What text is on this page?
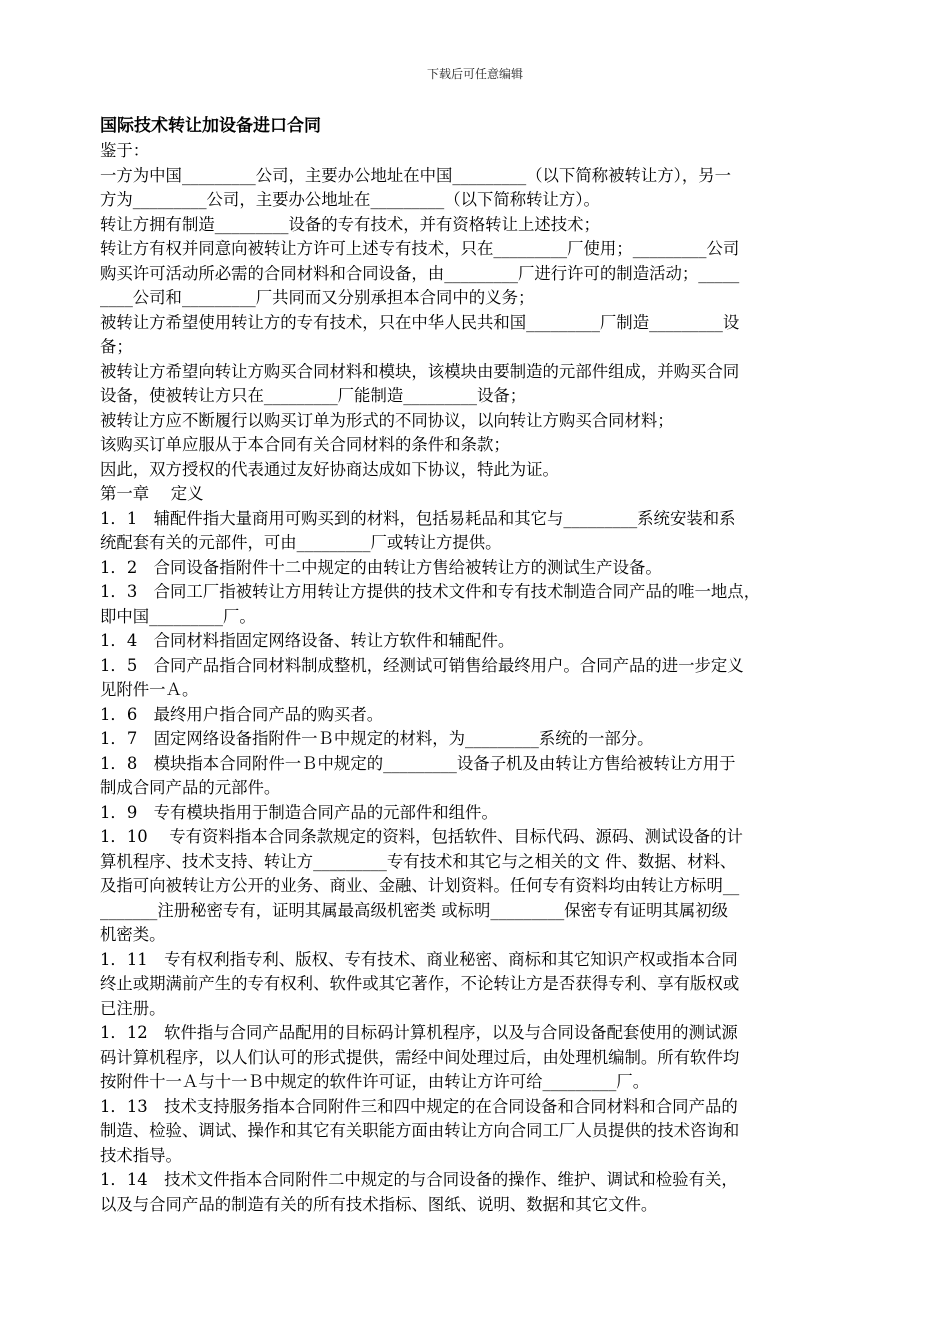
下载后可任意编辑
国际技术转让加设备进口合同

鉴于：

一方为中国_________公司，主要办公地址在中国_________（以下简称被转让方），另一

方为_________公司，主要办公地址在_________（以下简称转让方）。

转让方拥有制造_________设备的专有技术，并有资格转让上述技术；

转让方有权并同意向被转让方许可上述专有技术，只在_________厂使用；_________公司

购买许可活动所必需的合同材料和合同设备，由_________厂进行许可的制造活动；_____

____公司和_________厂共同而又分别承担本合同中的义务；

被转让方希望使用转让方的专有技术，只在中华人民共和国_________厂制造_________设

备；

被转让方希望向转让方购买合同材料和模块，该模块由要制造的元部件组成，并购买合同

设备，使被转让方只在_________厂能制造_________设备；

被转让方应不断履行以购买订单为形式的不同协议，以向转让方购买合同材料；

该购买订单应服从于本合同有关合同材料的条件和条款；

因此，双方授权的代表通过友好协商达成如下协议，特此为证。

第一章　 定义

1．1　辅配件指大量商用可购买到的材料，包括易耗品和其它与_________系统安装和系

统配套有关的元部件，可由_________厂或转让方提供。

1．2　合同设备指附件十二中规定的由转让方售给被转让方的测试生产设备。

1．3　合同工厂指被转让方用转让方提供的技术文件和专有技术制造合同产品的唯一地点，

即中国_________厂。

1．4　合同材料指固定网络设备、转让方软件和辅配件。

1．5　合同产品指合同材料制成整机，经测试可销售给最终用户。合同产品的进一步定义

见附件一Ａ。

1．6　最终用户指合同产品的购买者。

1．7　固定网络设备指附件一Ｂ中规定的材料，为_________系统的一部分。

1．8　模块指本合同附件一Ｂ中规定的_________设备子机及由转让方售给被转让方用于

制成合同产品的元部件。

1．9　专有模块指用于制造合同产品的元部件和组件。

1．10　 专有资料指本合同条款规定的资料，包括软件、目标代码、源码、测试设备的计

算机程序、技术支持、转让方_________专有技术和其它与之相关的文 件、数据、材料、

及指可向被转让方公开的业务、商业、金融、计划资料。任何专有资料均由转让方标明__

_______注册秘密专有，证明其属最高级机密类 或标明_________保密专有证明其属初级

机密类。

1．11　专有权利指专利、版权、专有技术、商业秘密、商标和其它知识产权或指本合同

终止或期满前产生的专有权利、软件或其它著作，不论转让方是否获得专利、享有版权或

已注册。

1．12　软件指与合同产品配用的目标码计算机程序，以及与合同设备配套使用的测试源

码计算机程序，以人们认可的形式提供，需经中间处理过后，由处理机编制。所有软件均

按附件十一Ａ与十一Ｂ中规定的软件许可证，由转让方许可给_________厂。

1．13　技术支持服务指本合同附件三和四中规定的在合同设备和合同材料和合同产品的

制造、检验、调试、操作和其它有关职能方面由转让方向合同工厂人员提供的技术咨询和

技术指导。

1．14　技术文件指本合同附件二中规定的与合同设备的操作、维护、调试和检验有关，

以及与合同产品的制造有关的所有技术指标、图纸、说明、数据和其它文件。
